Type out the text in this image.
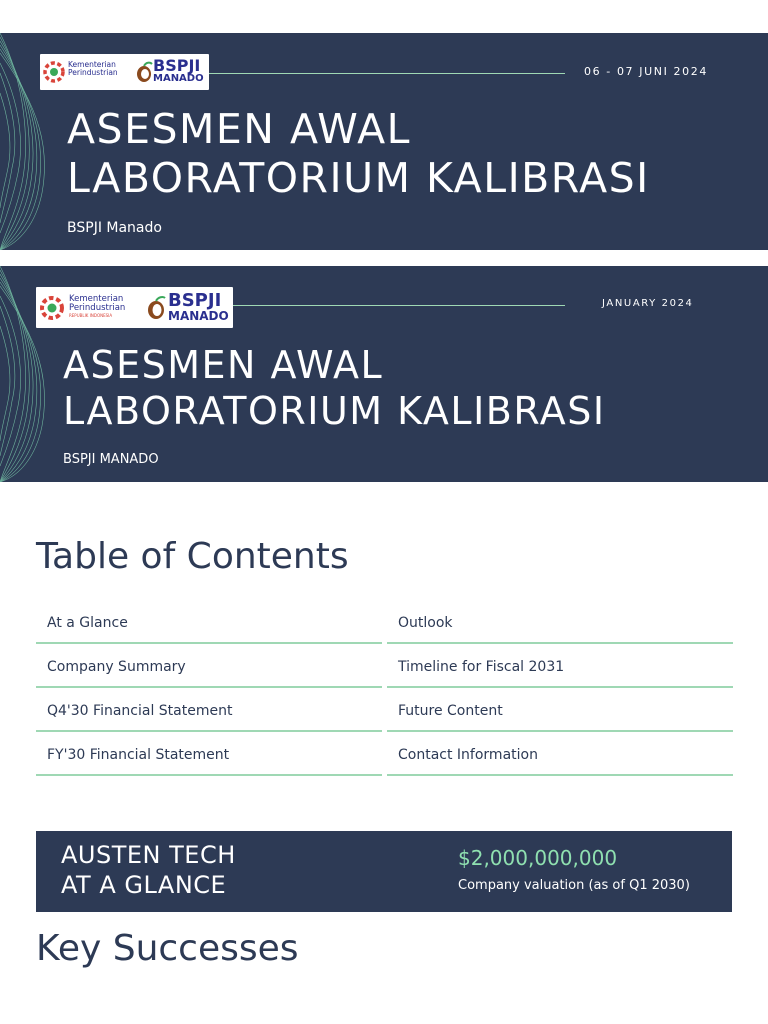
Kementerian
Perindustrian BSPJI
MANADO
06 - 07 JUNI 2024
ASESMEN AWAL
LABORATORIUM KALIBRASI
BSPJI Manado
Kementerian
Perindustrian
REPUBLIK INDONESIA
BSPJI
MANADO
JANUARY 2024
ASESMEN AWAL
LABORATORIUM KALIBRASI
BSPJI MANADO
Table of Contents
At a Glance
Company Summary
Q4'30 Financial Statement
FY'30 Financial Statement
Outlook
Timeline for Fiscal 2031
Future Content
Contact Information
AUSTEN TECH
AT A GLANCE
$2,000,000,000
Company valuation (as of Q1 2030)
Key Successes
